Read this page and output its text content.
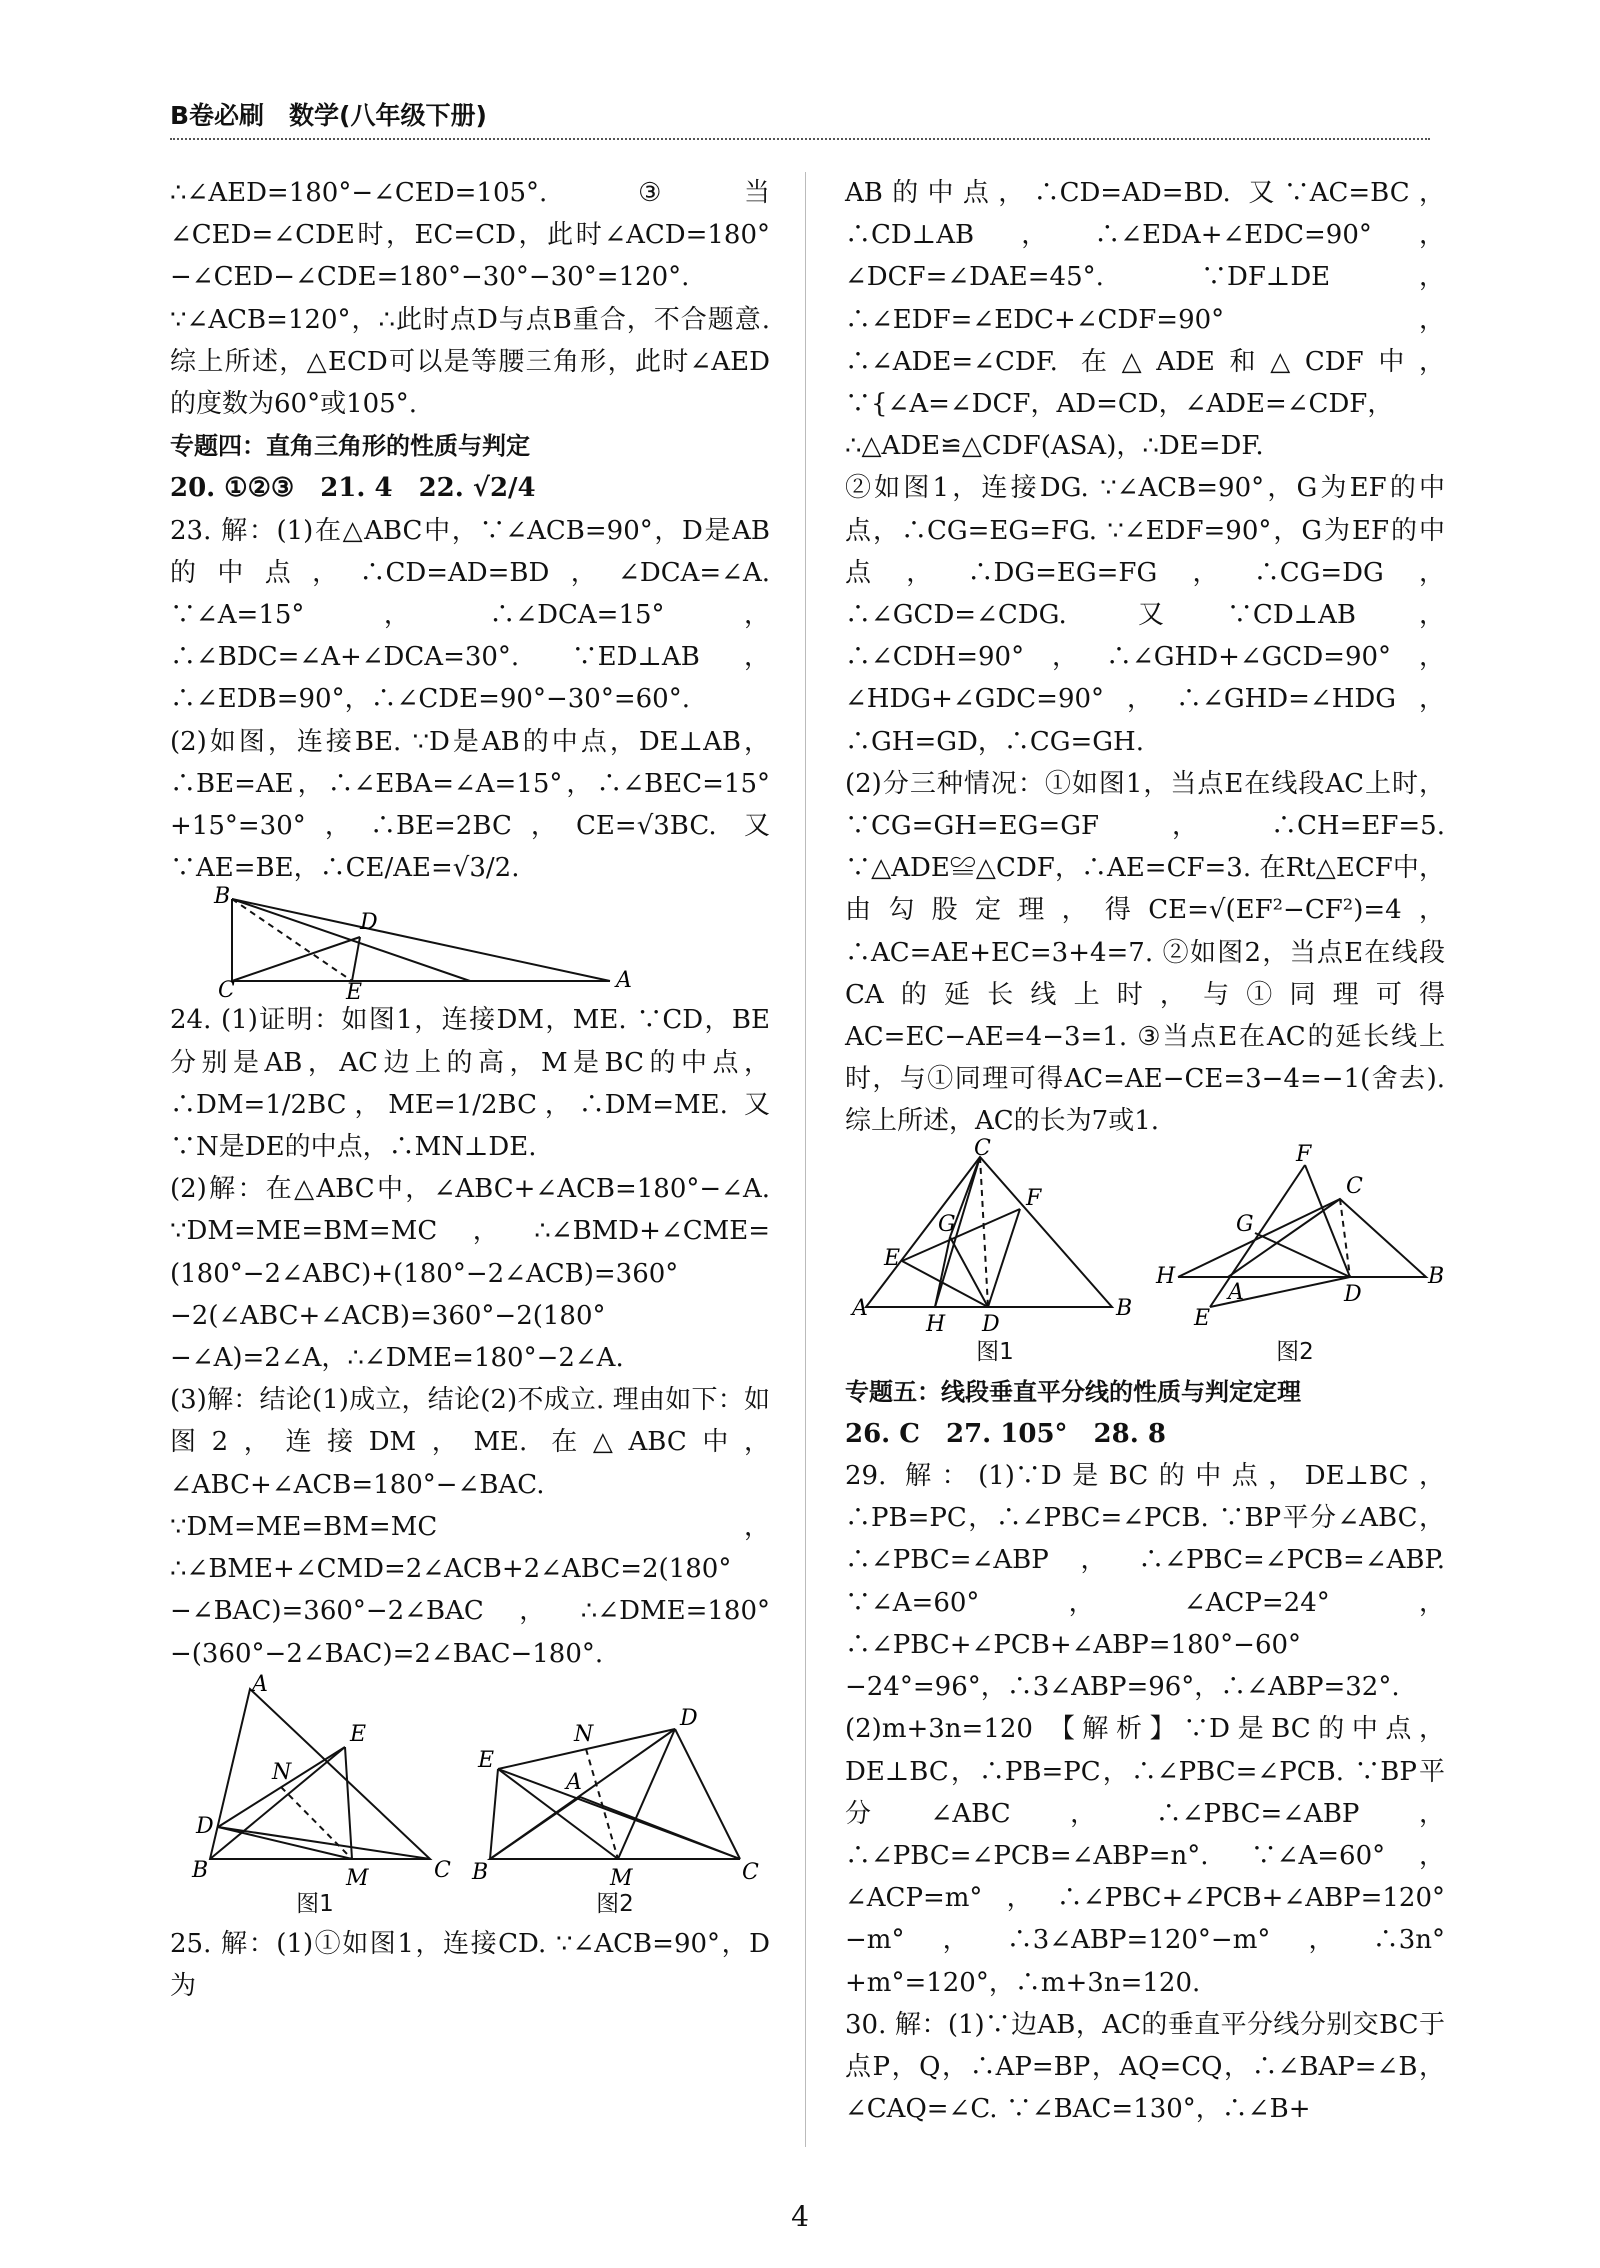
B卷必刷　数学(八年级下册)

∴∠AED=180°−∠CED=105°. ③当∠CED=∠CDE时，EC=CD，此时∠ACD=180°−∠CED−∠CDE=180°−30°−30°=120°. ∵∠ACB=120°，∴此时点D与点B重合，不合题意. 综上所述，△ECD可以是等腰三角形，此时∠AED的度数为60°或105°.

专题四：直角三角形的性质与判定

20. ①②③　21. 4　22. √2/4

23. 解：(1)在△ABC中，∵∠ACB=90°，D是AB的中点，∴CD=AD=BD，∠DCA=∠A. ∵∠A=15°，∴∠DCA=15°，∴∠BDC=∠A+∠DCA=30°. ∵ED⊥AB，∴∠EDB=90°，∴∠CDE=90°−30°=60°.

(2)如图，连接BE. ∵D是AB的中点，DE⊥AB，∴BE=AE，∴∠EBA=∠A=15°，∴∠BEC=15°+15°=30°，∴BE=2BC，CE=√3BC. 又∵AE=BE，∴CE/AE=√3/2.

B
D
C	E	A

24. (1)证明：如图1，连接DM，ME. ∵CD，BE分别是AB，AC边上的高，M是BC的中点，∴DM=1/2BC，ME=1/2BC，∴DM=ME. 又∵N是DE的中点，∴MN⊥DE.

(2)解：在△ABC中，∠ABC+∠ACB=180°−∠A. ∵DM=ME=BM=MC，∴∠BMD+∠CME=(180°−2∠ABC)+(180°−2∠ACB)=360°−2(∠ABC+∠ACB)=360°−2(180°−∠A)=2∠A，∴∠DME=180°−2∠A.

(3)解：结论(1)成立，结论(2)不成立. 理由如下：如图2，连接DM，ME. 在△ABC中，∠ABC+∠ACB=180°−∠BAC. ∵DM=ME=BM=MC，∴∠BME+∠CMD=2∠ACB+2∠ABC=2(180°−∠BAC)=360°−2∠BAC，∴∠DME=180°−(360°−2∠BAC)=2∠BAC−180°.

A
E
N
D
B	M	C
图1
D
N
E
A
B	M	C
图2

25. 解：(1)①如图1，连接CD. ∵∠ACB=90°，D为

AB的中点，∴CD=AD=BD. 又∵AC=BC，∴CD⊥AB，∴∠EDA+∠EDC=90°，∠DCF=∠DAE=45°. ∵DF⊥DE，∴∠EDF=∠EDC+∠CDF=90°，∴∠ADE=∠CDF. 在△ADE和△CDF中，∵{∠A=∠DCF，AD=CD，∠ADE=∠CDF，

∴△ADE≌△CDF(ASA)，∴DE=DF.

②如图1，连接DG. ∵∠ACB=90°，G为EF的中点，∴CG=EG=FG. ∵∠EDF=90°，G为EF的中点，∴DG=EG=FG，∴CG=DG，∴∠GCD=∠CDG. 又∵CD⊥AB，∴∠CDH=90°，∴∠GHD+∠GCD=90°，∠HDG+∠GDC=90°，∴∠GHD=∠HDG，∴GH=GD，∴CG=GH.

(2)分三种情况：①如图1，当点E在线段AC上时，∵CG=GH=EG=GF，∴CH=EF=5. ∵△ADE≌△CDF，∴AE=CF=3. 在Rt△ECF中，由勾股定理，得CE=√(EF²−CF²)=4，∴AC=AE+EC=3+4=7. ②如图2，当点E在线段CA的延长线上时，与①同理可得AC=EC−AE=4−3=1. ③当点E在AC的延长线上时，与①同理可得AC=AE−CE=3−4=−1(舍去). 综上所述，AC的长为7或1.

C
F
G
E
A
H D
B
图1
F
C
G
H
A
E
D
B
图2

专题五：线段垂直平分线的性质与判定定理

26. C　27. 105°　28. 8

29. 解：(1)∵D是BC的中点，DE⊥BC，∴PB=PC，∴∠PBC=∠PCB. ∵BP平分∠ABC，∴∠PBC=∠ABP，∴∠PBC=∠PCB=∠ABP. ∵∠A=60°，∠ACP=24°，∴∠PBC+∠PCB+∠ABP=180°−60°−24°=96°，∴3∠ABP=96°，∴∠ABP=32°.

(2)m+3n=120 【解析】∵D是BC的中点，DE⊥BC，∴PB=PC，∴∠PBC=∠PCB. ∵BP平分∠ABC，∴∠PBC=∠ABP，∴∠PBC=∠PCB=∠ABP=n°. ∵∠A=60°，∠ACP=m°，∴∠PBC+∠PCB+∠ABP=120°−m°，∴3∠ABP=120°−m°，∴3n°+m°=120°，∴m+3n=120.

30. 解：(1)∵边AB，AC的垂直平分线分别交BC于点P，Q，∴AP=BP，AQ=CQ，∴∠BAP=∠B，∠CAQ=∠C. ∵∠BAC=130°，∴∠B+

4
